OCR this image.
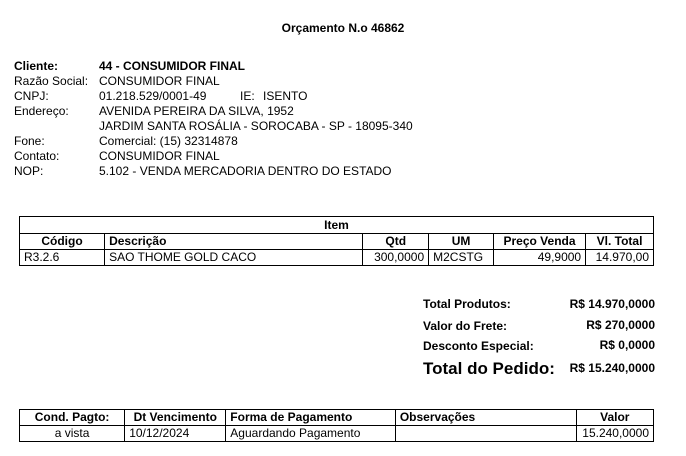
Orçamento N.o 46862
Cliente:	44 - CONSUMIDOR FINAL
Razão Social: CONSUMIDOR FINAL
CNPJ:	01.218.529/0001-49	IE: ISENTO
Endereço:	AVENIDA PEREIRA DA SILVA, 1952
JARDIM SANTA ROSÁLIA - SOROCABA - SP - 18095-340
Fone:	Comercial: (15) 32314878
Contato:	CONSUMIDOR FINAL
NOP:	5.102 - VENDA MERCADORIA DENTRO DO ESTADO
Item					
Código	Descrição	Qtd	UM	Preço Venda	Vl. Total
R3.2.6	SAO THOME GOLD CACO	300,0000	M2CSTG	49,9000	14.970,00
Total Produtos:	R$ 14.970,0000
Valor do Frete:	R$ 270,0000
Desconto Especial:	R$ 0,0000
Total do Pedido: R$ 15.240,0000
Cond. Pagto:	Dt Vencimento	Forma de Pagamento	Observações	Valor
a vista	10/12/2024	Aguardando Pagamento		15.240,0000
